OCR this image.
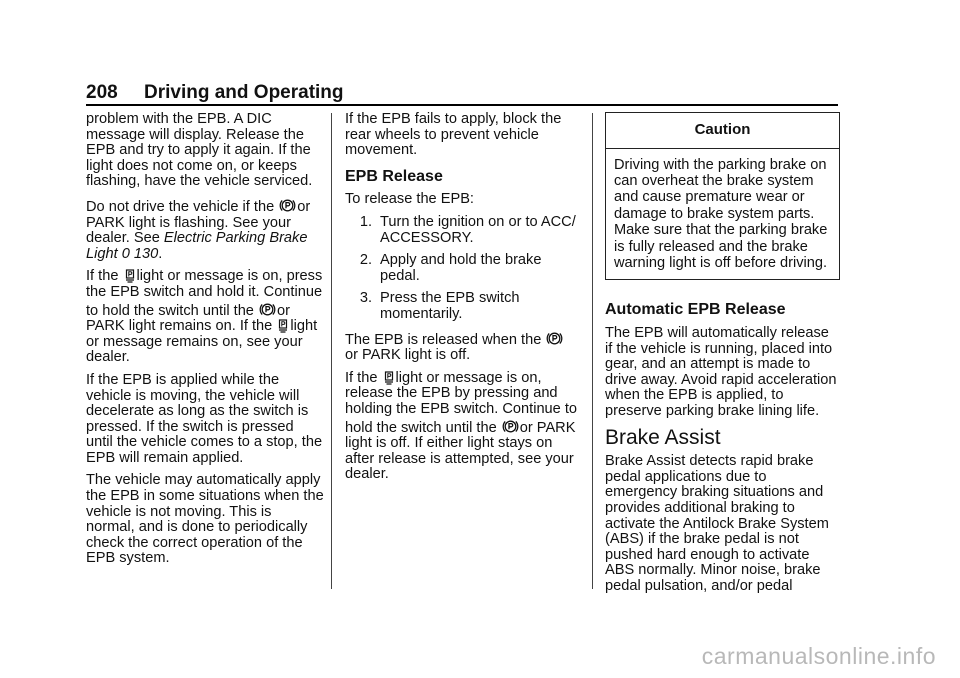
208 Driving and Operating

problem with the EPB. A DIC message will display. Release the EPB and try to apply it again. If the light does not come on, or keeps flashing, have the vehicle serviced.

Do not drive the vehicle if the
or PARK light is flashing. See your dealer. See Electric Parking Brake Light 0 130.

If the
light or message is on, press the EPB switch and hold it. Continue to hold the switch until the
or PARK light remains on. If the
light or message remains on, see your dealer.

If the EPB is applied while the vehicle is moving, the vehicle will decelerate as long as the switch is pressed. If the switch is pressed until the vehicle comes to a stop, the EPB will remain applied.

The vehicle may automatically apply the EPB in some situations when the vehicle is not moving. This is normal, and is done to periodically check the correct operation of the EPB system.

If the EPB fails to apply, block the rear wheels to prevent vehicle movement.

EPB Release

To release the EPB:

1. Turn the ignition on or to ACC/ ACCESSORY.
2. Apply and hold the brake pedal.
3. Press the EPB switch momentarily.

The EPB is released when the

or PARK light is off.

If the
light or message is on, release the EPB by pressing and holding the EPB switch. Continue to hold the switch until the
or PARK light is off. If either light stays on after release is attempted, see your dealer.

Caution
Driving with the parking brake on can overheat the brake system and cause premature wear or damage to brake system parts. Make sure that the parking brake is fully released and the brake warning light is off before driving.
Automatic EPB Release

The EPB will automatically release if the vehicle is running, placed into gear, and an attempt is made to drive away. Avoid rapid acceleration when the EPB is applied, to preserve parking brake lining life.

Brake Assist

Brake Assist detects rapid brake pedal applications due to emergency braking situations and provides additional braking to activate the Antilock Brake System (ABS) if the brake pedal is not pushed hard enough to activate ABS normally. Minor noise, brake pedal pulsation, and/or pedal

carmanualsonline.info
